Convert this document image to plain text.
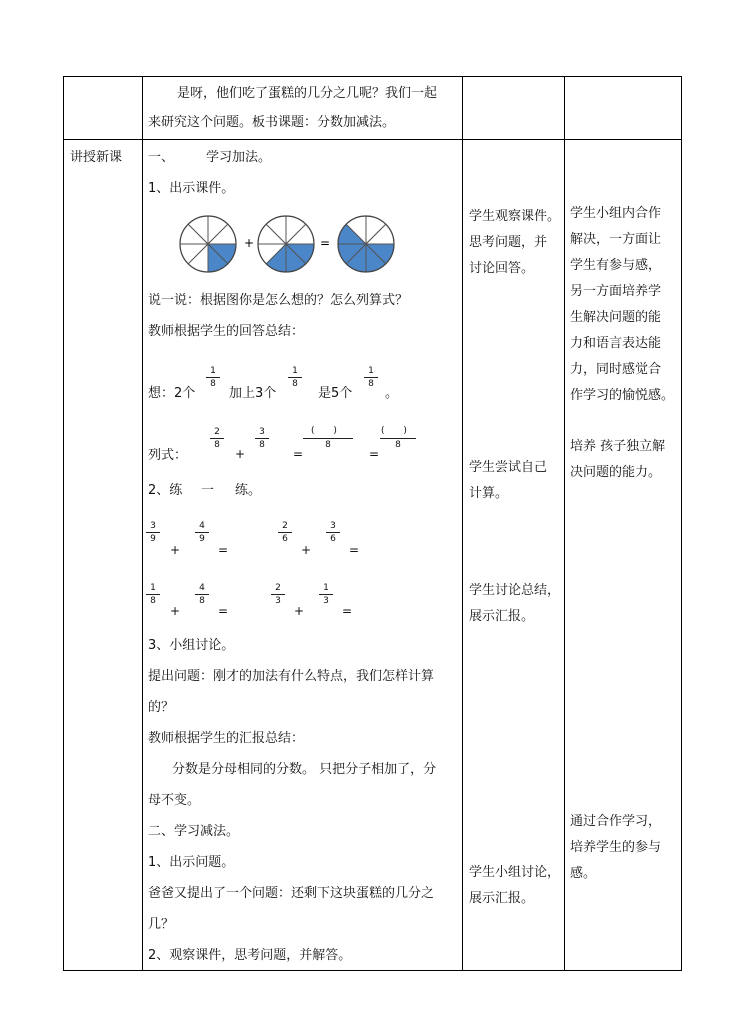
是呀，他们吃了蛋糕的几分之几呢？我们一起
来研究这个问题。板书课题：分数加减法。
讲授新课 一、 学习加法。
1、出示课件。
+	=
说一说：根据图你是怎么想的？怎么列算式？
教师根据学生的回答总结：
想：2个
1
8
加上3个
1
8
是5个
1
8
。
列式：
2
8
+
3
8
=
( )
8
=
( )
8
2、练 一 练。
3
9
+
4
9
=
2
6
+
3
6
=
1
8
+
4
8
=
2
3
+
1
3
=
3、小组讨论。
提出问题：刚才的加法有什么特点，我们怎样计算
的？
教师根据学生的汇报总结：
分数是分母相同的分数。 只把分子相加了，分
母不变。
二、学习减法。
1、出示问题。
爸爸又提出了一个问题：还剩下这块蛋糕的几分之
几？
2、观察课件，思考问题，并解答。
学生观察课件。
思考问题，并
讨论回答。
学生尝试自己
计算。
学生讨论总结，
展示汇报。
学生小组讨论，
展示汇报。
学生小组内合作
解决，一方面让
学生有参与感，
另一方面培养学
生解决问题的能
力和语言表达能
力，同时感觉合
作学习的愉悦感。
培养 孩子独立解
决问题的能力。
通过合作学习，
培养学生的参与
感。
